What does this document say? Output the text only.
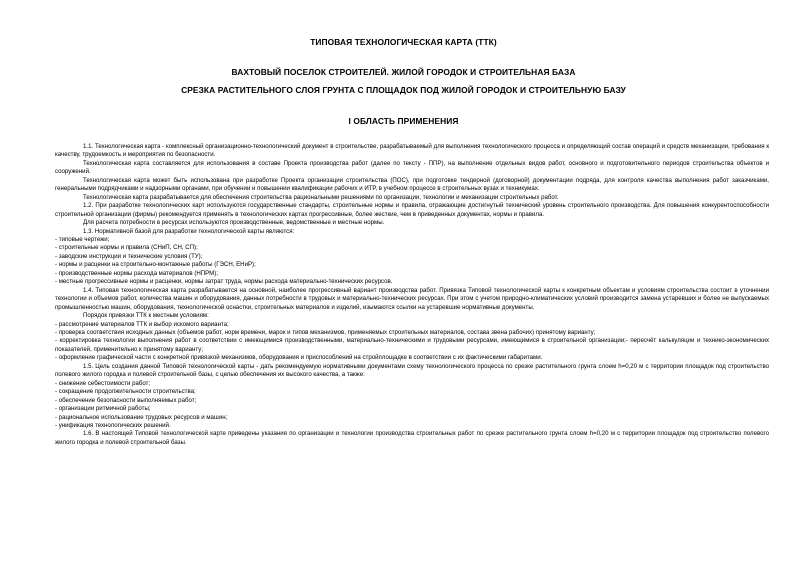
ТИПОВАЯ ТЕХНОЛОГИЧЕСКАЯ КАРТА (ТТК)
ВАХТОВЫЙ ПОСЕЛОК СТРОИТЕЛЕЙ. ЖИЛОЙ ГОРОДОК И СТРОИТЕЛЬНАЯ БАЗА
СРЕЗКА РАСТИТЕЛЬНОГО СЛОЯ ГРУНТА С ПЛОЩАДОК ПОД ЖИЛОЙ ГОРОДОК И СТРОИТЕЛЬНУЮ БАЗУ
I ОБЛАСТЬ ПРИМЕНЕНИЯ

1.1. Технологическая карта - комплексный организационно-технологический документ в строительстве, разрабатываемый для выполнения технологического процесса и определяющий состав операций и средств механизации, требования к качеству, трудоемкость и мероприятия по безопасности.

Технологическая карта составляется для использования в составе Проекта производства работ (далее по тексту - ППР), на выполнение отдельных видов работ, основного и подготовительного периодов строительства объектов и сооружений.

Технологическая карта может быть использована при разработке Проекта организации строительства (ПОС), при подготовке тендерной (договорной) документации подряда, для контроля качества выполнения работ заказчиками, генеральными подрядчиками и надзорными органами, при обучении и повышении квалификации рабочих и ИТР, в учебном процессе в строительных вузах и техникумах.

Технологическая карта разрабатывается для обеспечения строительства рациональными решениями по организации, технологии и механизации строительных работ.

1.2. При разработке технологических карт используются государственные стандарты, строительные нормы и правила, отражающие достигнутый технический уровень строительного производства. Для повышения конкурентоспособности строительной организации (фирмы) рекомендуется применять в технологических картах прогрессивные, более жесткие, чем в приведенных документах, нормы и правила.

Для расчета потребности в ресурсах используются производственные, ведомственные и местные нормы.

1.3. Нормативной базой для разработки технологической карты являются:

- типовые чертежи;

- строительные нормы и правила (СНиП, СН, СП);

- заводские инструкции и технические условия (ТУ);

- нормы и расценки на строительно-монтажные работы (ГЭСН, ЕНиР);

- производственные нормы расхода материалов (НПРМ);

- местные прогрессивные нормы и расценки, нормы затрат труда, нормы расхода материально-технических ресурсов.

1.4. Типовая технологическая карта разрабатывается на основной, наиболее прогрессивный вариант производства работ. Привязка Типовой технологической карты к конкретным объектам и условиям строительства состоит в уточнении технологии и объемов работ, количества машин и оборудования, данных потребности в трудовых и материально-технических ресурсах. При этом с учетом природно-климатических условий производится замена устаревших и более не выпускаемых промышленностью машин, оборудования, технологической оснастки, строительных материалов и изделий, изымаются ссылки на устаревшие нормативные документы.

Порядок привязки ТТК к местным условиям:

- рассмотрение материалов ТТК и выбор искомого варианта;

- проверка соответствия исходных данных (объемов работ, норм времени, марок и типов механизмов, применяемых строительных материалов, состава звена рабочих) принятому варианту;

- корректировка технологии выполнения работ в соответствии с имеющимися производственными, материально-техническими и трудовыми ресурсами, имеющимися в строительной организации;- пересчёт калькуляции и технико-экономических показателей, применительно к принятому варианту;

- оформление графической части с конкретной привязкой механизмов, оборудования и приспособлений на стройплощадке в соответствии с их фактическими габаритами.

1.5. Цель создания данной Типовой технологической карты - дать рекомендуемую нормативными документами схему технологического процесса по срезке растительного грунта слоем h=0,20 м с территории площадок под строительство полевого жилого городка и полевой строительной базы, с целью обеспечения их высокого качества, а также:

- снижение себестоимости работ;

- сокращение продолжительности строительства;

- обеспечение безопасности выполняемых работ;

- организации ритмичной работы;

- рациональное использование трудовых ресурсов и машин;

- унификация технологических решений.

1.6. В настоящей Типовой технологической карте приведены указания по организации и технологии производства строительных работ по срезке растительного грунта слоем h=0,20 м с территории площадок под строительство полевого жилого городка и полевой строительной базы.
